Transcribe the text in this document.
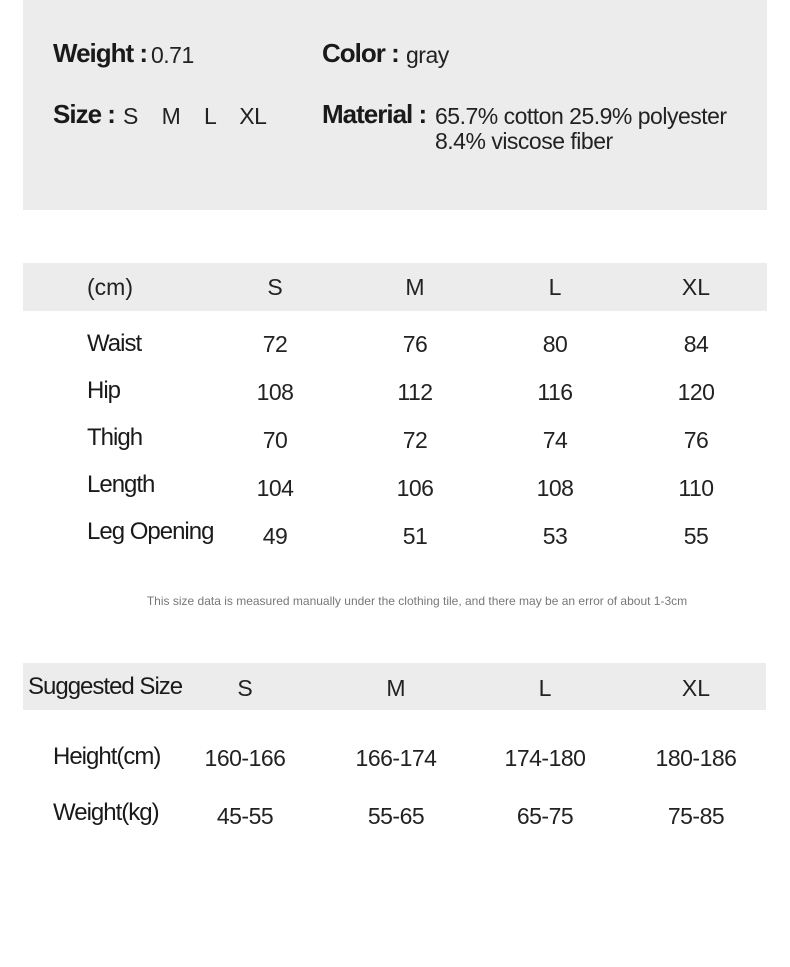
Weight : 0.71	Color : gray
Size : S  M  L  XL Material : 65.7% cotton 25.9% polyester 8.4% viscose fiber
(cm)	S	M	L	XL
Waist	72	76	80	84
Hip	108	112	116	120
Thigh	70	72	74	76
Length	104	106	108	110
Leg Opening 49	51	53	55
This size data is measured manually under the clothing tile, and there may be an error of about 1-3cm
Suggested Size S	M	L	XL
Height(cm) 160-166	166-174	174-180	180-186
Weight(kg)	45-55	55-65	65-75	75-85
